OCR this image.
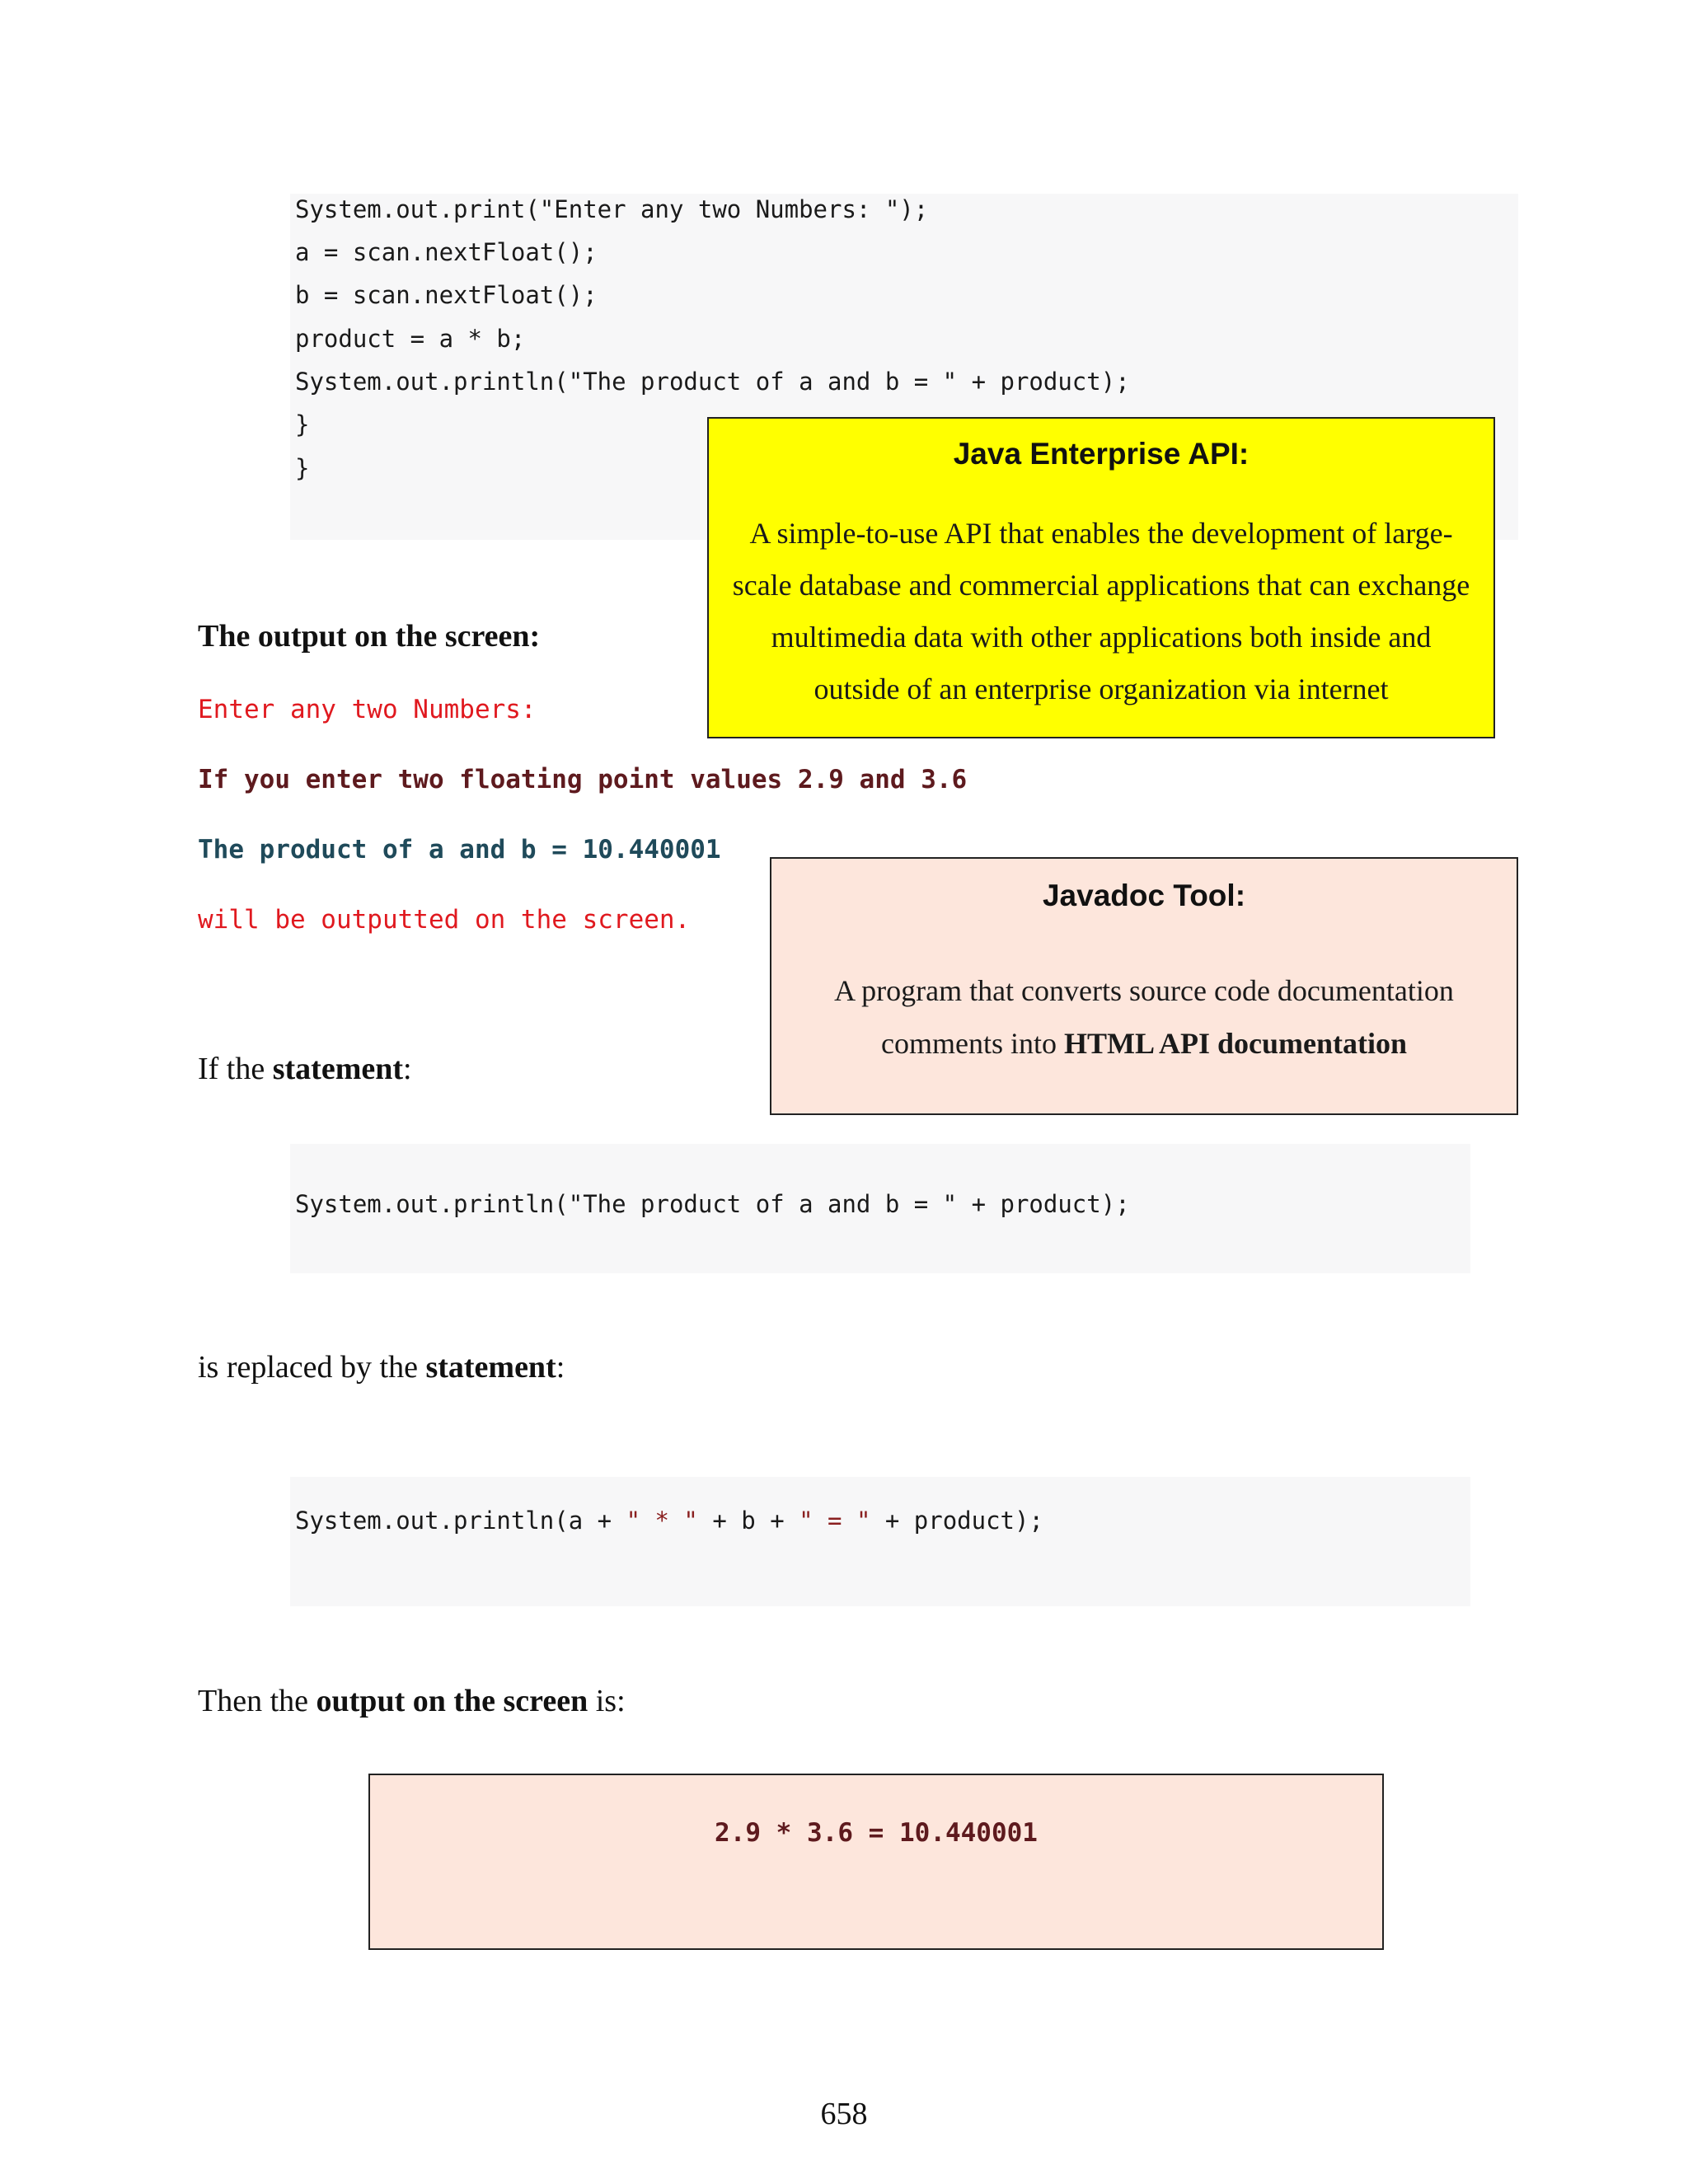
System.out.print("Enter any two Numbers: ");
a = scan.nextFloat();
b = scan.nextFloat();
product = a * b;
System.out.println("The product of a and b = " + product);
}
}	Java Enterprise API:
A simple-to-use API that enables the development of large-
scale database and commercial applications that can exchange
multimedia data with other applications both inside and
outside of an enterprise organization via internet
The output on the screen:
Enter any two Numbers:
If you enter two floating point values 2.9 and 3.6
The product of a and b = 10.440001
will be outputted on the screen.
Javadoc Tool:
A program that converts source code documentation
comments into HTML API documentation
If the statement:
System.out.println("The product of a and b = " + product);
is replaced by the statement:
System.out.println(a + " * " + b + " = " + product);
Then the output on the screen is:
2.9 * 3.6 = 10.440001
658
